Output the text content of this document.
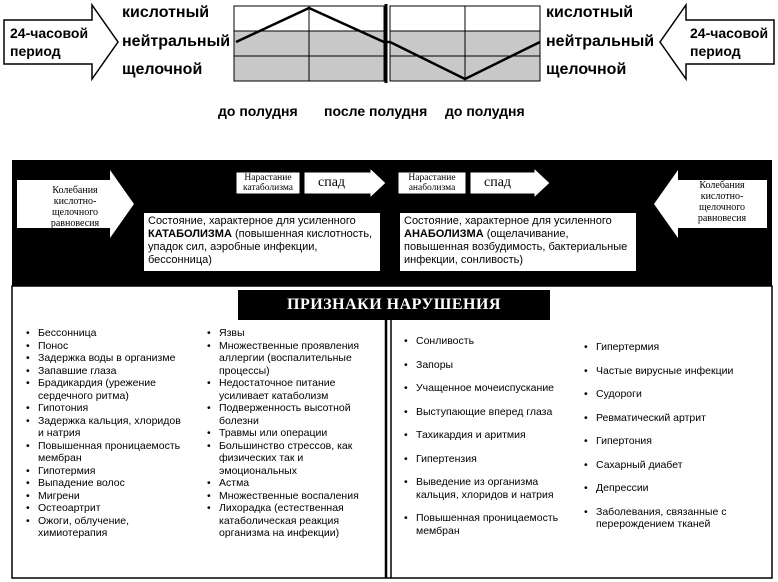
24-часовой период
24-часовой период
кислотный
нейтральный
щелочной
кислотный
нейтральный
щелочной
до полудня после полудня до полудня
Колебания кислотно-щелочного равновесия
Колебания кислотно-щелочного равновесия
Нарастание катаболизма	спад	Нарастание анаболизма	спад
Состояние, характерное для усиленного
КАТАБОЛИЗМА (повышенная кислотность, упадок сил, аэробные инфекции, бессонница)
Состояние, характерное для усиленного
АНАБОЛИЗМА (ощелачивание, повышенная возбудимость, бактериальные инфекции, сонливость)
ПРИЗНАКИ НАРУШЕНИЯ
• Бессонница
• Понос
• Задержка воды в организме
• Запавшие глаза
• Брадикардия (урежение сердечного ритма)
• Гипотония
• Задержка кальция, хлоридов и натрия
• Повышенная проницаемость мембран
• Гипотермия
• Выпадение волос
• Мигрени
• Остеоартрит
• Ожоги, облучение, химиотерапия
• Язвы
• Множественные проявления аллергии (воспалительные процессы)
• Недостаточное питание усиливает катаболизм
• Подверженность высотной болезни
• Травмы или операции
• Большинство стрессов, как физических так и эмоциональных
• Астма
• Множественные воспаления
• Лихорадка (естественная катаболическая реакция организма на инфекции)
• Сонливость
• Запоры
• Учащенное мочеиспускание
• Выступающие вперед глаза
• Тахикардия и аритмия
• Гипертензия
• Выведение из организма кальция, хлоридов и натрия
• Повышенная проницаемость мембран
• Гипертермия
• Частые вирусные инфекции
• Судороги
• Ревматический артрит
• Гипертония
• Сахарный диабет
• Депрессии
• Заболевания, связанные с перерождением тканей
